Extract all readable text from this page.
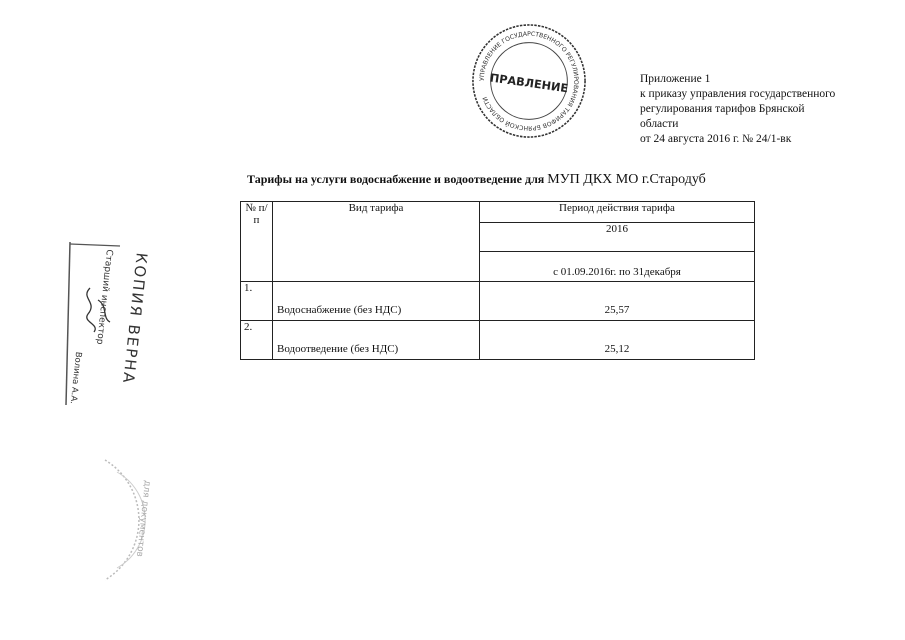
Приложение 1
к приказу управления государственного
регулирования тарифов Брянской
области
от 24 августа 2016 г. № 24/1-вк
УПРАВЛЕНИЕ ГОСУДАРСТВЕННОГО РЕГУЛИРОВАНИЯ ТАРИФОВ БРЯНСКОЙ ОБЛАСТИ
ПРАВЛЕНИЕ
Тарифы на услуги водоснабжение и водоотведение для МУП ДКХ МО г.Стародуб
№ п/п	Вид тарифа	Период действия тарифа
		2016
		с 01.09.2016г. по 31декабря
1.	Водоснабжение (без НДС)	25,57
2.	Водоотведение (без НДС)	25,12
КОПИЯ ВЕРНА
Старший инспектор
Волина А.А.
для документов
